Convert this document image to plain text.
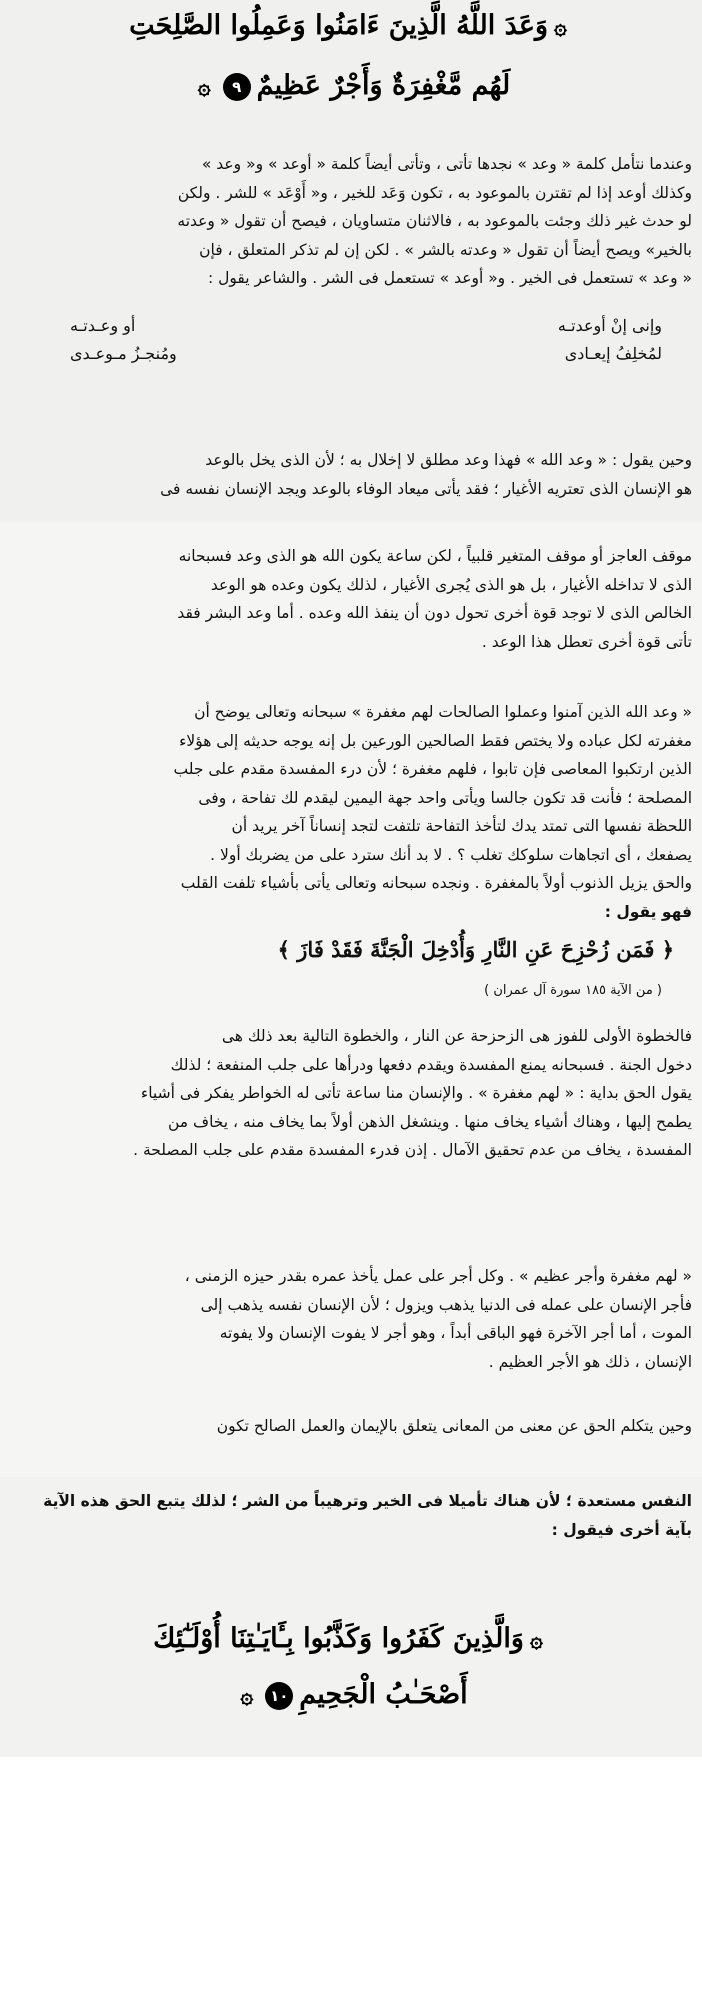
۞وَعَدَ اللَّهُ الَّذِينَ ءَامَنُوا وَعَمِلُوا الصَّلِحَتِ
لَهُم مَّغْفِرَةٌ وَأَجْرٌ عَظِيمٌ٩۞
وعندما نتأمل كلمة « وعد » نجدها تأتى ، وتأتى أيضاً كلمة « أوعد » و« وعد »
وكذلك أوعد إذا لم تقترن بالموعود به ، تكون وَعَد للخير ، و« أَوْعَد » للشر . ولكن
لو حدث غير ذلك وجئت بالموعود به ، فالاثنان متساويان ، فيصح أن تقول « وعدته
بالخير» ويصح أيضاً أن تقول « وعدته بالشر » . لكن إن لم تذكر المتعلق ، فإن
« وعد » تستعمل فى الخير . و« أوعد » تستعمل فى الشر . والشاعر يقول :
وإنى إنْ أوعدتـه
أو وعـدتـه
لمُخلِفُ إيعـادى
ومُنجـزُ مـوعـدى
وحين يقول : « وعد الله » فهذا وعد مطلق لا إخلال به ؛ لأن الذى يخل بالوعد
هو الإنسان الذى تعتريه الأغيار ؛ فقد يأتى ميعاد الوفاء بالوعد ويجد الإنسان نفسه فى
موقف العاجز أو موقف المتغير قلبياً ، لكن ساعة يكون الله هو الذى وعد فسبحانه
الذى لا تداخله الأغيار ، بل هو الذى يُجرى الأغيار ، لذلك يكون وعده هو الوعد
الخالص الذى لا توجد قوة أخرى تحول دون أن ينفذ الله وعده . أما وعد البشر فقد
تأتى قوة أخرى تعطل هذا الوعد .
« وعد الله الذين آمنوا وعملوا الصالحات لهم مغفرة » سبحانه وتعالى يوضح أن
مغفرته لكل عباده ولا يختص فقط الصالحين الورعين بل إنه يوجه حديثه إلى هؤلاء
الذين ارتكبوا المعاصى فإن تابوا ، فلهم مغفرة ؛ لأن درء المفسدة مقدم على جلب
المصلحة ؛ فأنت قد تكون جالسا ويأتى واحد جهة اليمين ليقدم لك تفاحة ، وفى
اللحظة نفسها التى تمتد يدك لتأخذ التفاحة تلتفت لتجد إنساناً آخر يريد أن
يصفعك ، أى اتجاهات سلوكك تغلب ؟ . لا بد أنك سترد على من يضربك أولا .
والحق يزيل الذنوب أولاً بالمغفرة . ونجده سبحانه وتعالى يأتى بأشياء تلفت القلب
فهو يقول :
﴿ فَمَن زُحْزِحَ عَنِ النَّارِ وَأُدْخِلَ الْجَنَّةَ فَقَدْ فَازَ ﴾
( من الآية ١٨٥ سورة آل عمران )
فالخطوة الأولى للفوز هى الزحزحة عن النار ، والخطوة التالية بعد ذلك هى
دخول الجنة . فسبحانه يمنع المفسدة ويقدم دفعها ودرأها على جلب المنفعة ؛ لذلك
يقول الحق بداية : « لهم مغفرة » . والإنسان منا ساعة تأتى له الخواطر يفكر فى أشياء
يطمح إليها ، وهناك أشياء يخاف منها . وينشغل الذهن أولاً بما يخاف منه ، يخاف من
المفسدة ، يخاف من عدم تحقيق الآمال . إذن فدرء المفسدة مقدم على جلب المصلحة .
« لهم مغفرة وأجر عظيم » . وكل أجر على عمل يأخذ عمره بقدر حيزه الزمنى ،
فأجر الإنسان على عمله فى الدنيا يذهب ويزول ؛ لأن الإنسان نفسه يذهب إلى
الموت ، أما أجر الآخرة فهو الباقى أبداً ، وهو أجر لا يفوت الإنسان ولا يفوته
الإنسان ، ذلك هو الأجر العظيم .
وحين يتكلم الحق عن معنى من المعانى يتعلق بالإيمان والعمل الصالح تكون
النفس مستعدة ؛ لأن هناك تأميلا فى الخير وترهيباً من الشر ؛ لذلك يتبع الحق هذه الآية
بآية أخرى فيقول :
۞وَالَّذِينَ كَفَرُوا وَكَذَّبُوا بِـَٔايَـٰتِنَا أُوْلَـٰٓئِكَ
أَصْحَـٰبُ الْجَحِيمِ١٠۞
